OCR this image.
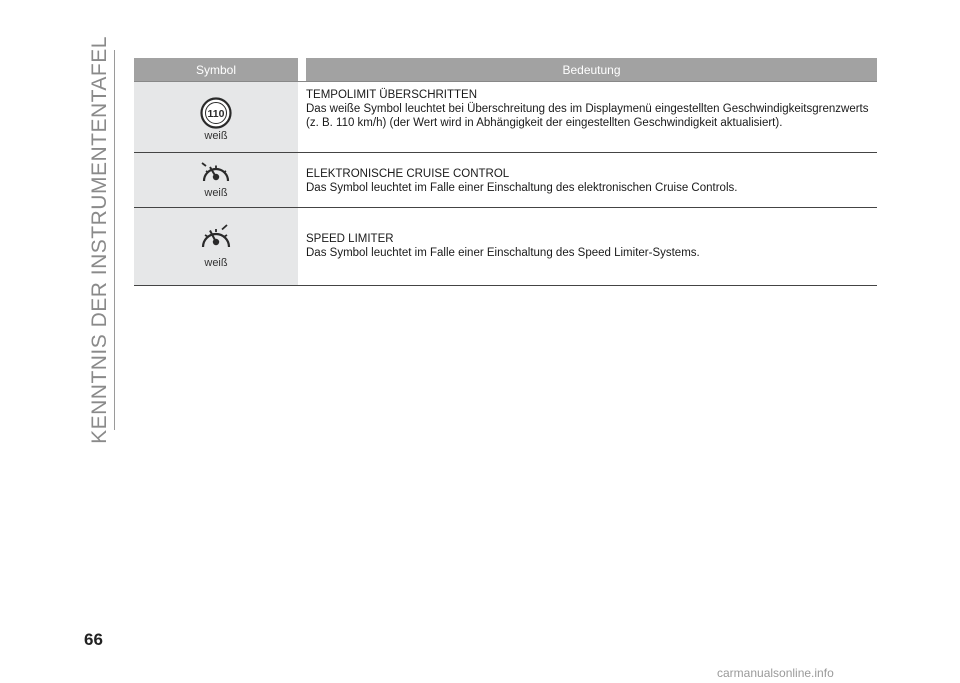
KENNTNIS DER INSTRUMENTENTAFEL	Symbol	Bedeutung
110
weiß

TEMPOLIMIT ÜBERSCHRITTEN

Das weiße Symbol leuchtet bei Überschreitung des im Displaymenü eingestellten Geschwindigkeitsgrenzwerts (z. B. 110 km/h) (der Wert wird in Abhängigkeit der eingestellten Geschwindigkeit aktualisiert).

weiß

ELEKTRONISCHE CRUISE CONTROL

Das Symbol leuchtet im Falle einer Einschaltung des elektronischen Cruise Controls.

weiß

SPEED LIMITER

Das Symbol leuchtet im Falle einer Einschaltung des Speed Limiter-Systems.

66
carmanualsonline.info
